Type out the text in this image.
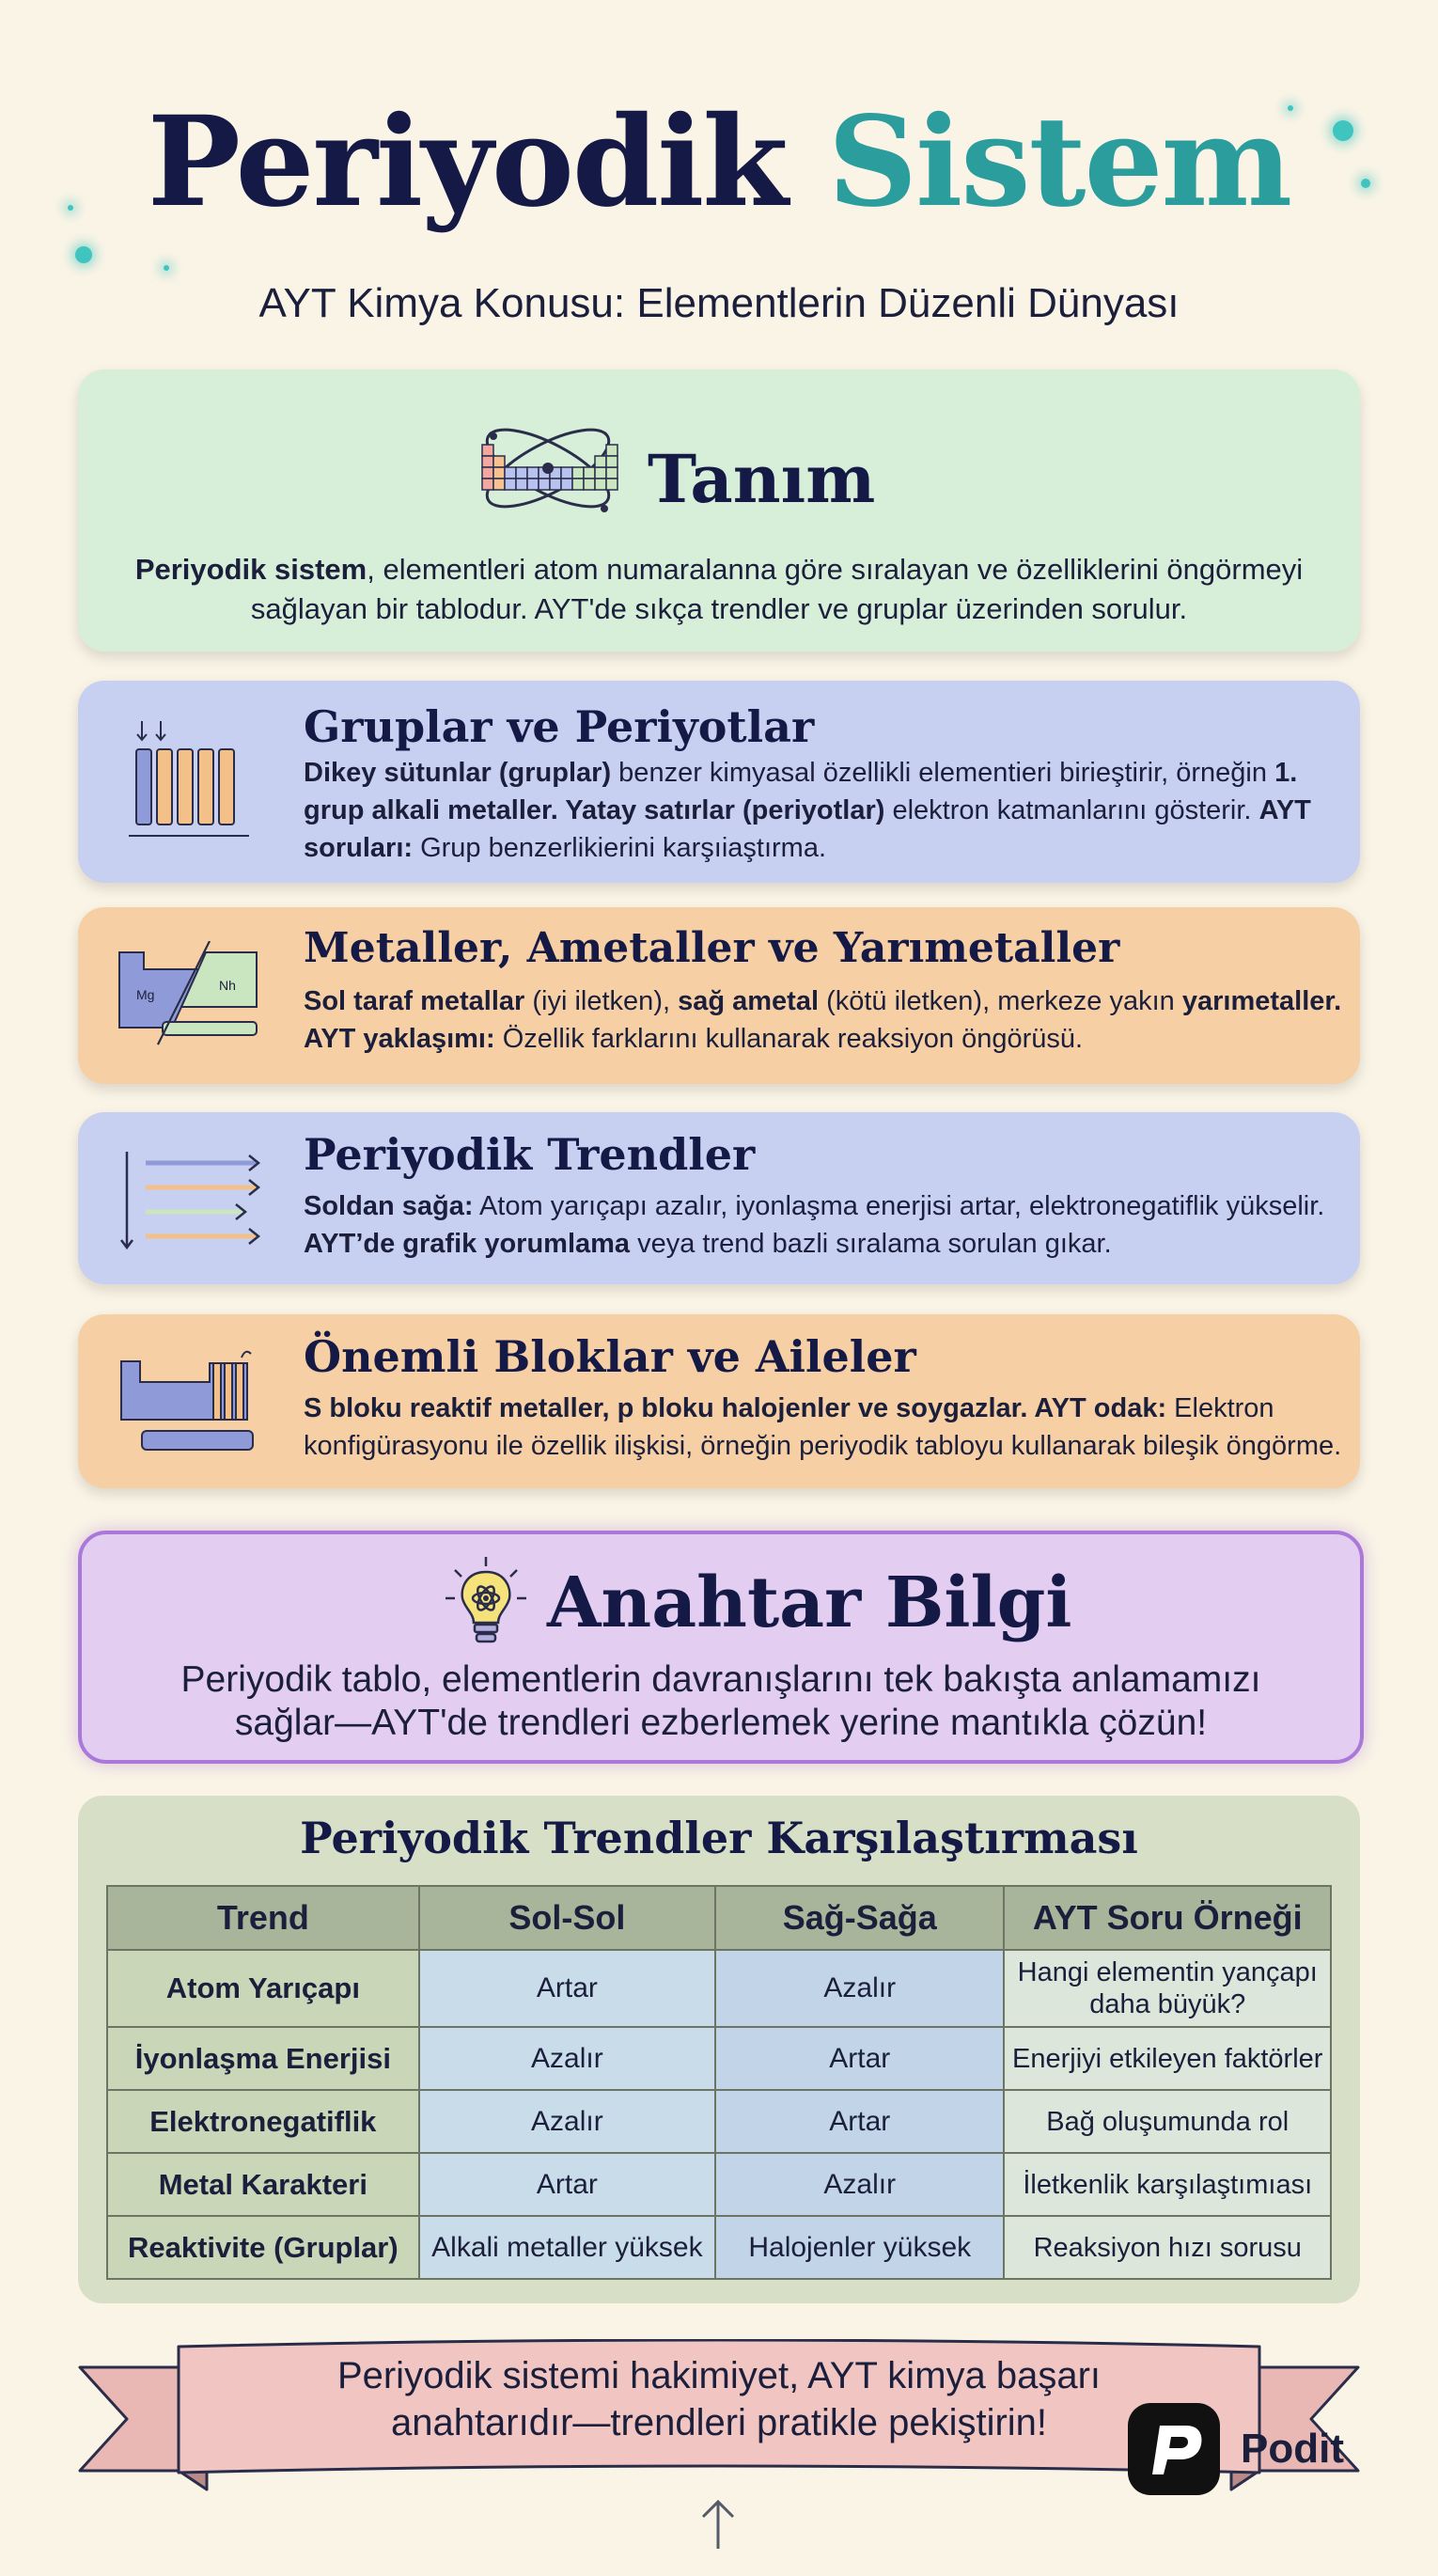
Periyodik Sistem
AYT Kimya Konusu: Elementlerin Düzenli Dünyası
Tanım
Periyodik sistem, elementleri atom numaralanna göre sıralayan ve özelliklerini öngörmeyi sağlayan bir tablodur. AYT'de sıkça trendler ve gruplar üzerinden sorulur.
Gruplar ve Periyotlar
Dikey sütunlar (gruplar) benzer kimyasal özellikli elementieri birieştirir, örneğin 1. grup alkali metaller. Yatay satırlar (periyotlar) elektron katmanlarını gösterir. AYT soruları: Grup benzerlikierini karşıiaştırma.
Mg
Nh
Metaller, Ametaller ve Yarımetaller
Sol taraf metallar (iyi iletken), sağ ametal (kötü iletken), merkeze yakın yarımetaller. AYT yaklaşımı: Özellik farklarını kullanarak reaksiyon öngörüsü.
Periyodik Trendler
Soldan sağa: Atom yarıçapı azalır, iyonlaşma enerjisi artar, elektronegatiflik yükselir. AYT’de grafik yorumlama veya trend bazli sıralama sorulan gıkar.
Önemli Bloklar ve Aileler
S bloku reaktif metaller, p bloku halojenler ve soygazlar. AYT odak: Elektron konfigürasyonu ile özellik ilişkisi, örneğin periyodik tabloyu kullanarak bileşik öngörme.
Anahtar Bilgi
Periyodik tablo, elementlerin davranışlarını tek bakışta anlamamızı sağlar—AYT'de trendleri ezberlemek yerine mantıkla çözün!
Periyodik Trendler Karşılaştırması
Trend	Sol-Sol	Sağ-Sağa	AYT Soru Örneği
Atom Yarıçapı	Artar	Azalır	Hangi elementin yançapı daha büyük?
İyonlaşma Enerjisi	Azalır	Artar	Enerjiyi etkileyen faktörler
Elektronegatiflik	Azalır	Artar	Bağ oluşumunda rol
Metal Karakteri	Artar	Azalır	İletkenlik karşılaştımıası
Reaktivite (Gruplar)	Alkali metaller yüksek	Halojenler yüksek	Reaksiyon hızı sorusu
Periyodik sistemi hakimiyet, AYT kimya başarı anahtarıdır—trendleri pratikle pekiştirin!
Podit
